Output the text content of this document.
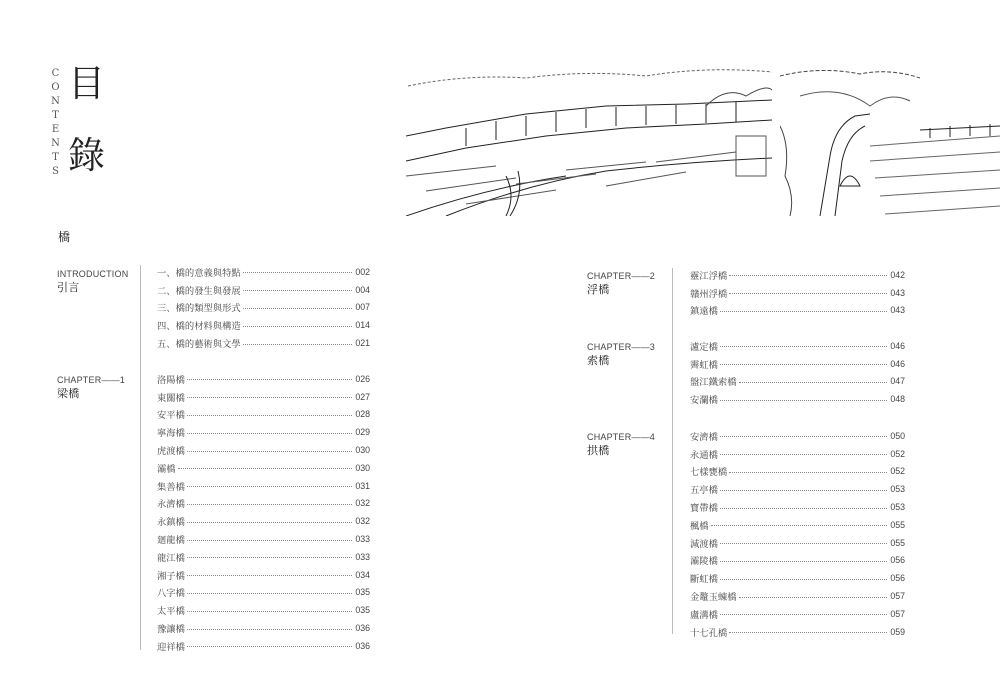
CONTENTS 目
錄
橋
INTRODUCTION
引言
一、橋的意義與特點	002
二、橋的發生與發展	004
三、橋的類型與形式	007
四、橋的材料與構造	014
五、橋的藝術與文學	021
CHAPTER——1
梁橋
洛陽橋	026
東關橋	027
安平橋	028
寧海橋	029
虎渡橋	030
灞橋	030
集善橋	031
永濟橋	032
永鎮橋	032
廻龍橋	033
龍江橋	033
湘子橋	034
八字橋	035
太平橋	035
豫讓橋	036
迎祥橋	036
CHAPTER——2
浮橋
靈江浮橋	042
贛州浮橋	043
鎮遠橋	043
CHAPTER——3
索橋
瀘定橋	046
霽虹橋	046
盤江鐵索橋	047
安瀾橋	048
CHAPTER——4
拱橋
安濟橋	050
永通橋	052
七樣甕橋	052
五亭橋	053
寶帶橋	053
楓橋	055
減渡橋	055
灞陵橋	056
斷虹橋	056
金鼇玉蝀橋	057
盧溝橋	057
十七孔橋	059
